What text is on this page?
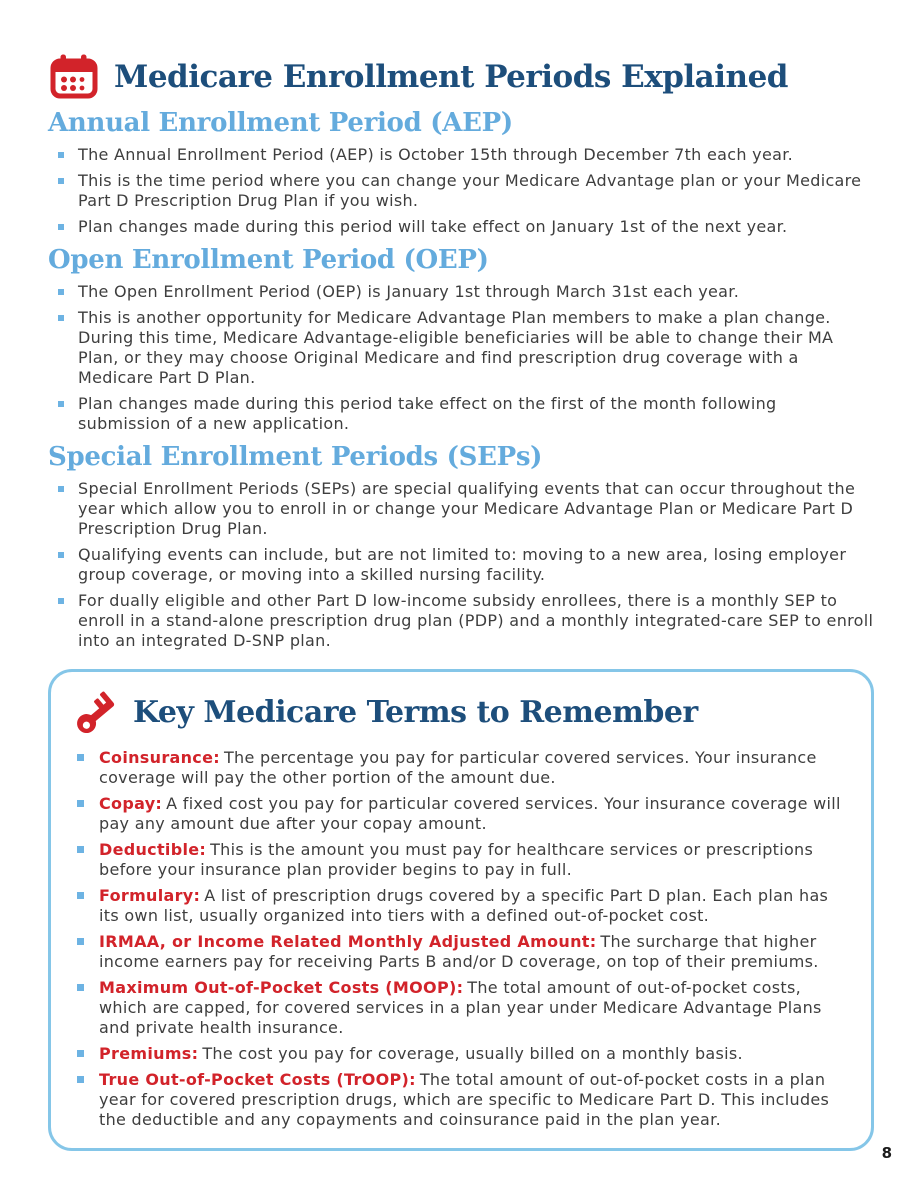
Medicare Enrollment Periods Explained
Annual Enrollment Period (AEP)
The Annual Enrollment Period (AEP) is October 15th through December 7th each year.
This is the time period where you can change your Medicare Advantage plan or your Medicare Part D Prescription Drug Plan if you wish.
Plan changes made during this period will take effect on January 1st of the next year.
Open Enrollment Period (OEP)
The Open Enrollment Period (OEP) is January 1st through March 31st each year.
This is another opportunity for Medicare Advantage Plan members to make a plan change. During this time, Medicare Advantage-eligible beneficiaries will be able to change their MA Plan, or they may choose Original Medicare and find prescription drug coverage with a Medicare Part D Plan.
Plan changes made during this period take effect on the first of the month following submission of a new application.
Special Enrollment Periods (SEPs)
Special Enrollment Periods (SEPs) are special qualifying events that can occur throughout the year which allow you to enroll in or change your Medicare Advantage Plan or Medicare Part D Prescription Drug Plan.
Qualifying events can include, but are not limited to: moving to a new area, losing employer group coverage, or moving into a skilled nursing facility.
For dually eligible and other Part D low-income subsidy enrollees, there is a monthly SEP to enroll in a stand-alone prescription drug plan (PDP) and a monthly integrated-care SEP to enroll into an integrated D-SNP plan.
Key Medicare Terms to Remember
Coinsurance: The percentage you pay for particular covered services. Your insurance coverage will pay the other portion of the amount due.
Copay: A fixed cost you pay for particular covered services. Your insurance coverage will pay any amount due after your copay amount.
Deductible: This is the amount you must pay for healthcare services or prescriptions before your insurance plan provider begins to pay in full.
Formulary: A list of prescription drugs covered by a specific Part D plan. Each plan has its own list, usually organized into tiers with a defined out-of-pocket cost.
IRMAA, or Income Related Monthly Adjusted Amount: The surcharge that higher income earners pay for receiving Parts B and/or D coverage, on top of their premiums.
Maximum Out-of-Pocket Costs (MOOP): The total amount of out-of-pocket costs, which are capped, for covered services in a plan year under Medicare Advantage Plans and private health insurance.
Premiums: The cost you pay for coverage, usually billed on a monthly basis.
True Out-of-Pocket Costs (TrOOP): The total amount of out-of-pocket costs in a plan year for covered prescription drugs, which are specific to Medicare Part D. This includes the deductible and any copayments and coinsurance paid in the plan year.
8
